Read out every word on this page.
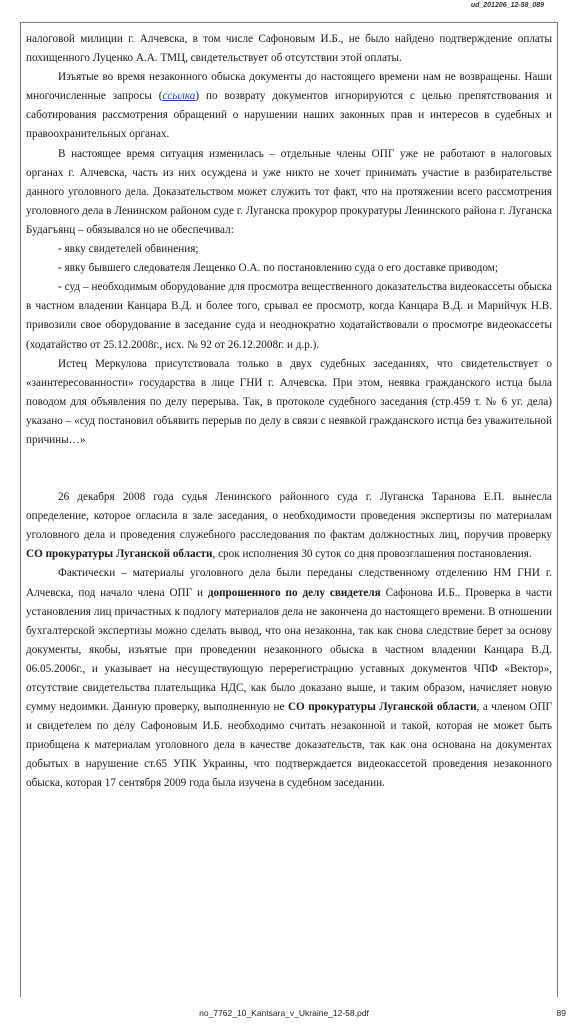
ud_201206_12-58_089

налоговой милиции г. Алчевска, в том числе Сафоновым И.Б., не было найдено подтверждение оплаты похищенного Луценко А.А. ТМЦ, свидетельствует об отсутствии этой оплаты.

Изъятые во время незаконного обыска документы до настоящего времени нам не возвращены. Наши многочисленные запросы (ссылка) по возврату документов игнорируются с целью препятствования и саботирования рассмотрения обращений о нарушении наших законных прав и интересов в судебных и правоохранительных органах.

В настоящее время ситуация изменилась – отдельные члены ОПГ уже не работают в налоговых органах г. Алчевска, часть из них осуждена и уже никто не хочет принимать участие в разбирательстве данного уголовного дела. Доказательством может служить тот факт, что на протяжении всего рассмотрения уголовного дела в Ленинском районом суде г. Луганска прокурор прокуратуры Ленинского района г. Луганска Будагъянц – обязывался но не обеспечивал:

- явку свидетелей обвинения;

- явку бывшего следователя Лещенко О.А. по постановлению суда о его доставке приводом;

- суд – необходимым оборудование для просмотра вещественного доказательства видеокассеты обыска в частном владении Канцара В.Д. и более того, срывал ее просмотр, когда Канцара В.Д. и Марийчук Н.В. привозили свое оборудование в заседание суда и неоднократно ходатайствовали о просмотре видеокассеты (ходатайство от 25.12.2008г., исх. № 92 от 26.12.2008г. и д.р.).

Истец Меркулова присутствовала только в двух судебных заседаниях, что свидетельствует о «заинтересованности» государства в лице ГНИ г. Алчевска. При этом, неявка гражданского истца была поводом для объявления по делу перерыва. Так, в протоколе судебного заседания (стр.459 т. № 6 уг. дела) указано – «суд постановил объявить перерыв по делу в связи с неявкой гражданского истца без уважительной причины…»

26 декабря 2008 года судья Ленинского районного суда г. Луганска Таранова Е.П. вынесла определение, которое огласила в зале заседания, о необходимости проведения экспертизы по материалам уголовного дела и проведения служебного расследования по фактам должностных лиц, поручив проверку СО прокуратуры Луганской области, срок исполнения 30 суток со дня провозглашения постановления.

Фактически – материалы уголовного дела были переданы следственному отделению НМ ГНИ г. Алчевска, под начало члена ОПГ и допрошенного по делу свидетеля Сафонова И.Б.. Проверка в части установления лиц причастных к подлогу материалов дела не закончена до настоящего времени. В отношении бухгалтерской экспертизы можно сделать вывод, что она незаконна, так как снова следствие берет за основу документы, якобы, изъятые при проведении незаконного обыска в частном владении Канцара В.Д. 06.05.2006г., и указывает на несуществующую перерегистрацию уставных документов ЧПФ «Вектор», отсутствие свидетельства плательщика НДС, как было доказано выше, и таким образом, начисляет новую сумму недоимки. Данную проверку, выполненную не СО прокуратуры Луганской области, а членом ОПГ и свидетелем по делу Сафоновым И.Б. необходимо считать незаконной и такой, которая не может быть приобщена к материалам уголовного дела в качестве доказательств, так как она основана на документах добытых в нарушение ст.65 УПК Украины, что подтверждается видеокассетой проведения незаконного обыска, которая 17 сентября 2009 года была изучена в судебном заседании.

no_7762_10_Kantsara_v_Ukraine_12-58.pdf	89
